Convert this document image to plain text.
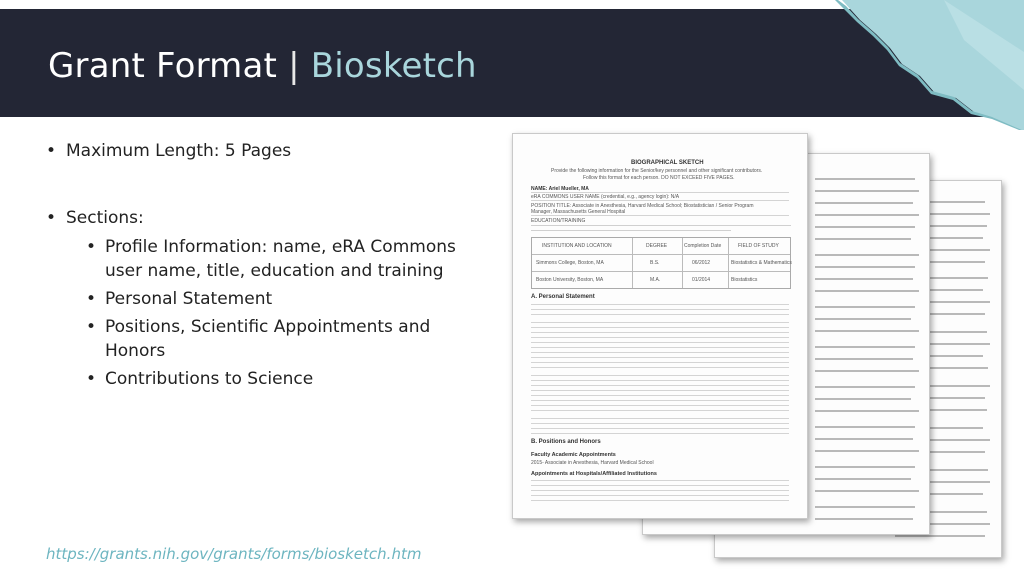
Grant Format | Biosketch
• Maximum Length: 5 Pages
• Sections:
• Profile Information: name, eRA Commons user name, title, education and training
• Personal Statement
• Positions, Scientific Appointments and Honors
• Contributions to Science
https://grants.nih.gov/grants/forms/biosketch.htm
BIOGRAPHICAL SKETCH
Provide the following information for the Senior/key personnel and other significant contributors.
Follow this format for each person. DO NOT EXCEED FIVE PAGES.
NAME: Ariel Mueller, MA
eRA COMMONS USER NAME (credential, e.g., agency login): N/A
POSITION TITLE: Associate in Anesthesia, Harvard Medical School; Biostatistician / Senior Program
Manager, Massachusetts General Hospital
EDUCATION/TRAINING
INSTITUTION AND LOCATION	DEGREE	Completion Date	FIELD OF STUDY
Simmons College, Boston, MA	B.S.	06/2012	Biostatistics & Mathematics
Boston University, Boston, MA	M.A.	01/2014	Biostatistics
A. Personal Statement
B. Positions and Honors
Faculty Academic Appointments
2015- Associate in Anesthesia, Harvard Medical School
Appointments at Hospitals/Affiliated Institutions
